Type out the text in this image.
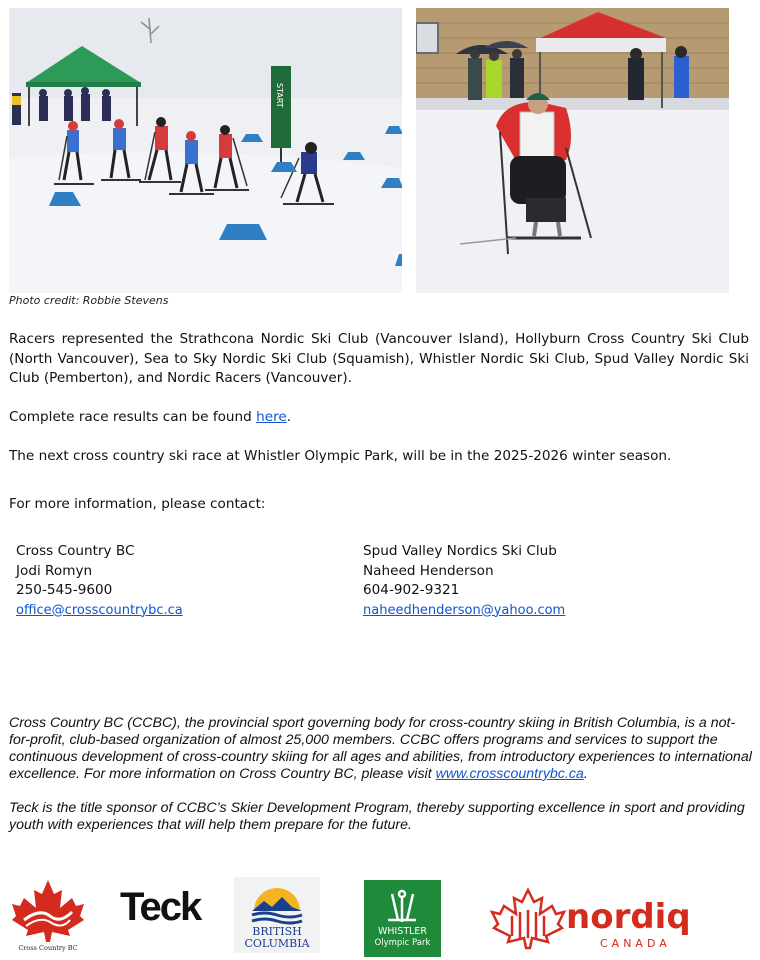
START
Photo credit: Robbie Stevens

Racers represented the Strathcona Nordic Ski Club (Vancouver Island), Hollyburn Cross Country Ski Club (North Vancouver), Sea to Sky Nordic Ski Club (Squamish), Whistler Nordic Ski Club, Spud Valley Nordic Ski Club (Pemberton), and Nordic Racers (Vancouver).

Complete race results can be found here.

The next cross country ski race at Whistler Olympic Park, will be in the 2025-2026 winter season.

For more information, please contact:

Cross Country BC
Jodi Romyn
250-545-9600
office@crosscountrybc.ca
Spud Valley Nordics Ski Club
Naheed Henderson
604-902-9321
naheedhenderson@yahoo.com

Cross Country BC (CCBC), the provincial sport governing body for cross-country skiing in British Columbia, is a not-for-profit, club-based organization of almost 25,000 members. CCBC offers programs and services to support the continuous development of cross-country skiing for all ages and abilities, from introductory experiences to international excellence. For more information on Cross Country BC, please visit www.crosscountrybc.ca.

Teck is the title sponsor of CCBC’s Skier Development Program, thereby supporting excellence in sport and providing youth with experiences that will help them prepare for the future.

Cross Country BC
Teck
BRITISH
COLUMBIA
WHISTLER
Olympic Park
nordiq
CANADA
